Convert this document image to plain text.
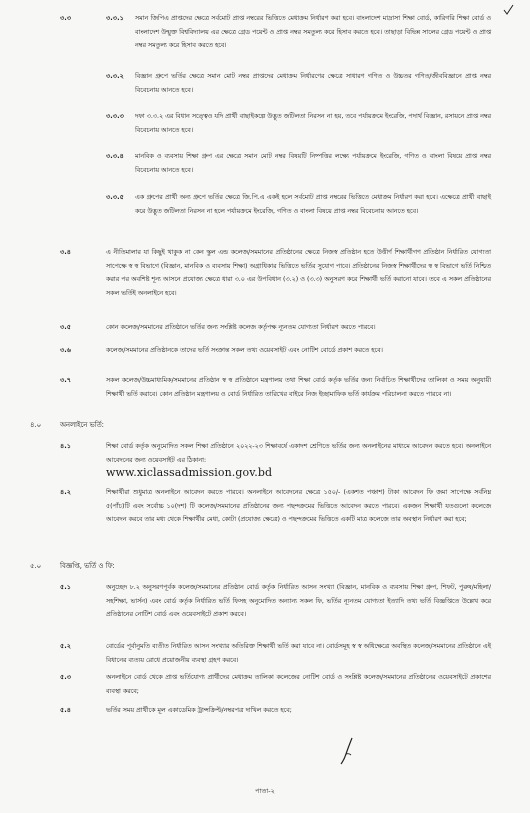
৩.৩	৩.৩.১ সমান জিপিএ প্রাপ্তদের ক্ষেত্রে সর্বমোট প্রাপ্ত নম্বরের ভিত্তিতে মেধাক্রম নির্ধারণ করা হবে। বাংলাদেশ মাদ্রাসা শিক্ষা বোর্ড, কারিগরি শিক্ষা বোর্ড ও বাংলাদেশ উন্মুক্ত বিশ্ববিদ্যালয় এর ক্ষেত্রে গ্রেড পয়েন্ট ও প্রাপ্ত নম্বর সমতুল্য করে হিসাব করতে হবে। তাছাড়া বিভিন্ন সালের গ্রেড পয়েন্ট ও প্রাপ্ত নম্বর সমতুল্য করে হিসাব করতে হবে।
৩.৩.২ বিজ্ঞান গ্রুপে ভর্তির ক্ষেত্রে সমান মোট নম্বর প্রাপ্তদের মেধাক্রম নির্ধারণের ক্ষেত্রে সাধারণ গণিত ও উচ্চতর গণিত/জীববিজ্ঞানে প্রাপ্ত নম্বর বিবেচনায় আনতে হবে।
৩.৩.৩ দফা ৩.৩.২ এর বিধান সত্ত্বেও যদি প্রার্থী বাছাইকল্পে উদ্ভূত জটিলতা নিরসন না হয়, তবে পর্যায়ক্রমে ইংরেজি, পদার্থ বিজ্ঞান, রসায়নে প্রাপ্ত নম্বর বিবেচনায় আনতে হবে।
৩.৩.৪ মানবিক ও ব্যবসায় শিক্ষা গ্রুপ এর ক্ষেত্রে সমান মোট নম্বর বিষয়টি নিষ্পত্তির লক্ষ্যে পর্যায়ক্রমে ইংরেজি, গণিত ও বাংলা বিষয়ে প্রাপ্ত নম্বর বিবেচনায় আনতে হবে।
৩.৩.৫ এক গ্রুপের প্রার্থী অন্য গ্রুপে ভর্তির ক্ষেত্রে জি.পি.এ একই হলে সর্বমোট প্রাপ্ত নম্বরের ভিত্তিতে মেধাক্রম নির্ধারণ করা হবে। এক্ষেত্রে প্রার্থী বাছাই করে উদ্ভূত জটিলতা নিরসন না হলে পর্যায়ক্রমে ইংরেজি, গণিত ও বাংলা বিষয়ে প্রাপ্ত নম্বর বিবেচনায় আনতে হবে।
৩.৪	এ নীতিমালার যা কিছুই থাকুক না কেন স্কুল এন্ড কলেজ/সমমানের প্রতিষ্ঠানের ক্ষেত্রে নিজস্ব প্রতিষ্ঠান হতে উত্তীর্ণ শিক্ষার্থীগণ প্রতিষ্ঠান নির্ধারিত যোগ্যতা সাপেক্ষে স্ব স্ব বিভাগে (বিজ্ঞান, মানবিক ও ব্যবসায় শিক্ষা) অগ্রাধিকার ভিত্তিতে ভর্তির সুযোগ পাবে। প্রতিষ্ঠানের নিজস্ব শিক্ষার্থীদের স্ব স্ব বিভাগে ভর্তি নিশ্চিত করার পর অবশিষ্ট শূন্য আসনে প্রযোজ্য ক্ষেত্রে ধারা ৩.০ এর উপবিধান (৩.২) ও (৩.৩) অনুসরণ করে শিক্ষার্থী ভর্তি করানো যাবে। তবে এ সকল প্রতিষ্ঠানের সকল ভর্তিই অনলাইনে হবে।
৩.৫	কোন কলেজ/সমমানের প্রতিষ্ঠানে ভর্তির জন্য সংশ্লিষ্ট কলেজ কর্তৃপক্ষ ন্যূনতম যোগ্যতা নির্ধারণ করতে পারবে।
৩.৬	কলেজ/সমমানের প্রতিষ্ঠানকে তাদের ভর্তি সংক্রান্ত সকল তথ্য ওয়েবসাইট এবং নোটিশ বোর্ডে প্রকাশ করতে হবে।
৩.৭	সকল কলেজ/উচ্চমাধ্যমিক/সমমানের প্রতিষ্ঠান স্ব স্ব প্রতিষ্ঠানে মন্ত্রণালয় তথা শিক্ষা বোর্ড কর্তৃক ভর্তির জন্য নির্বাচিত শিক্ষার্থীদের তালিকা ও সময় অনুযায়ী শিক্ষার্থী ভর্তি করাবে। কোন প্রতিষ্ঠান মন্ত্রণালয় ও বোর্ড নির্ধারিত তারিখের বাইরে নিজ ইচ্ছামাফিক ভর্তি কার্যক্রম পরিচালনা করতে পারবে না।
৪.০	অনলাইনে ভর্তি:
৪.১	শিক্ষা বোর্ড কর্তৃক অনুমোদিত সকল শিক্ষা প্রতিষ্ঠানে ২০২২-২৩ শিক্ষাবর্ষে একাদশ শ্রেণিতে ভর্তির জন্য অনলাইনের মাধ্যমে আবেদন করতে হবে। অনলাইনে আবেদনের জন্য ওয়েবসাইট এর ঠিকানা:
www.xiclassadmission.gov.bd
৪.২	শিক্ষার্থীরা শুধুমাত্র অনলাইনে আবেদন করতে পারবে। অনলাইনে আবেদনের ক্ষেত্রে ১৫০/- (একশত পঞ্চাশ) টাকা আবেদন ফি জমা সাপেক্ষে সর্বনিম্ন ৫(পাঁচ)টি এবং সর্বোচ্চ ১০(দশ) টি কলেজ/সমমানের প্রতিষ্ঠানের জন্য পছন্দক্রমের ভিত্তিতে আবেদন করতে পারবে। একজন শিক্ষার্থী যতগুলো কলেজে আবেদন করবে তার মধ্য থেকে শিক্ষার্থীর মেধা, কোটা (প্রযোজ্য ক্ষেত্রে) ও পছন্দক্রমের ভিত্তিতে একটি মাত্র কলেজে তার অবস্থান নির্ধারণ করা হবে;
৫.০	বিজ্ঞপ্তি, ভর্তি ও ফি:
৫.১	অনুচ্ছেদ ৮.২ অনুসরণপূর্বক কলেজ/সমমানের প্রতিষ্ঠান বোর্ড কর্তৃক নির্ধারিত আসন সংখ্যা (বিজ্ঞান, মানবিক ও ব্যবসায় শিক্ষা গ্রুপ, শিফট, পুরুষ/মহিলা/সহশিক্ষা, ভার্সন) এবং বোর্ড কর্তৃক নির্ধারিত ভর্তি ফিসহ অনুমোদিত অন্যান্য সকল ফি, ভর্তির ন্যূনতম যোগ্যতা ইত্যাদি তথ্য ভর্তি বিজ্ঞপ্তিতে উল্লেখ করে প্রতিষ্ঠানের নোটিশ বোর্ড এবং ওয়েবসাইটে প্রকাশ করবে।
৫.২	বোর্ডের পূর্বানুমতি ব্যতীত নির্ধারিত আসন সংখ্যার অতিরিক্ত শিক্ষার্থী ভর্তি করা যাবে না। বোর্ডসমূহ স্ব স্ব অধিক্ষেত্রে অবস্থিত কলেজ/সমমানের প্রতিষ্ঠানে এই বিধানের ব্যত্যয় রোধে প্রয়োজনীয় ব্যবস্থা গ্রহণ করবে।
৫.৩	অনলাইনে বোর্ড থেকে প্রাপ্ত ভর্তিযোগ্য প্রার্থীদের মেধাক্রম তালিকা কলেজের নোটিশ বোর্ড ও সংশ্লিষ্ট কলেজ/সমমানের প্রতিষ্ঠানের ওয়েবসাইটে প্রকাশের ব্যবস্থা করবে;
৫.৪	ভর্তির সময় প্রার্থীকে মূল একাডেমিক ট্রান্সক্রিপ্ট/নম্বরপত্র দাখিল করতে হবে;
পাতা-২
